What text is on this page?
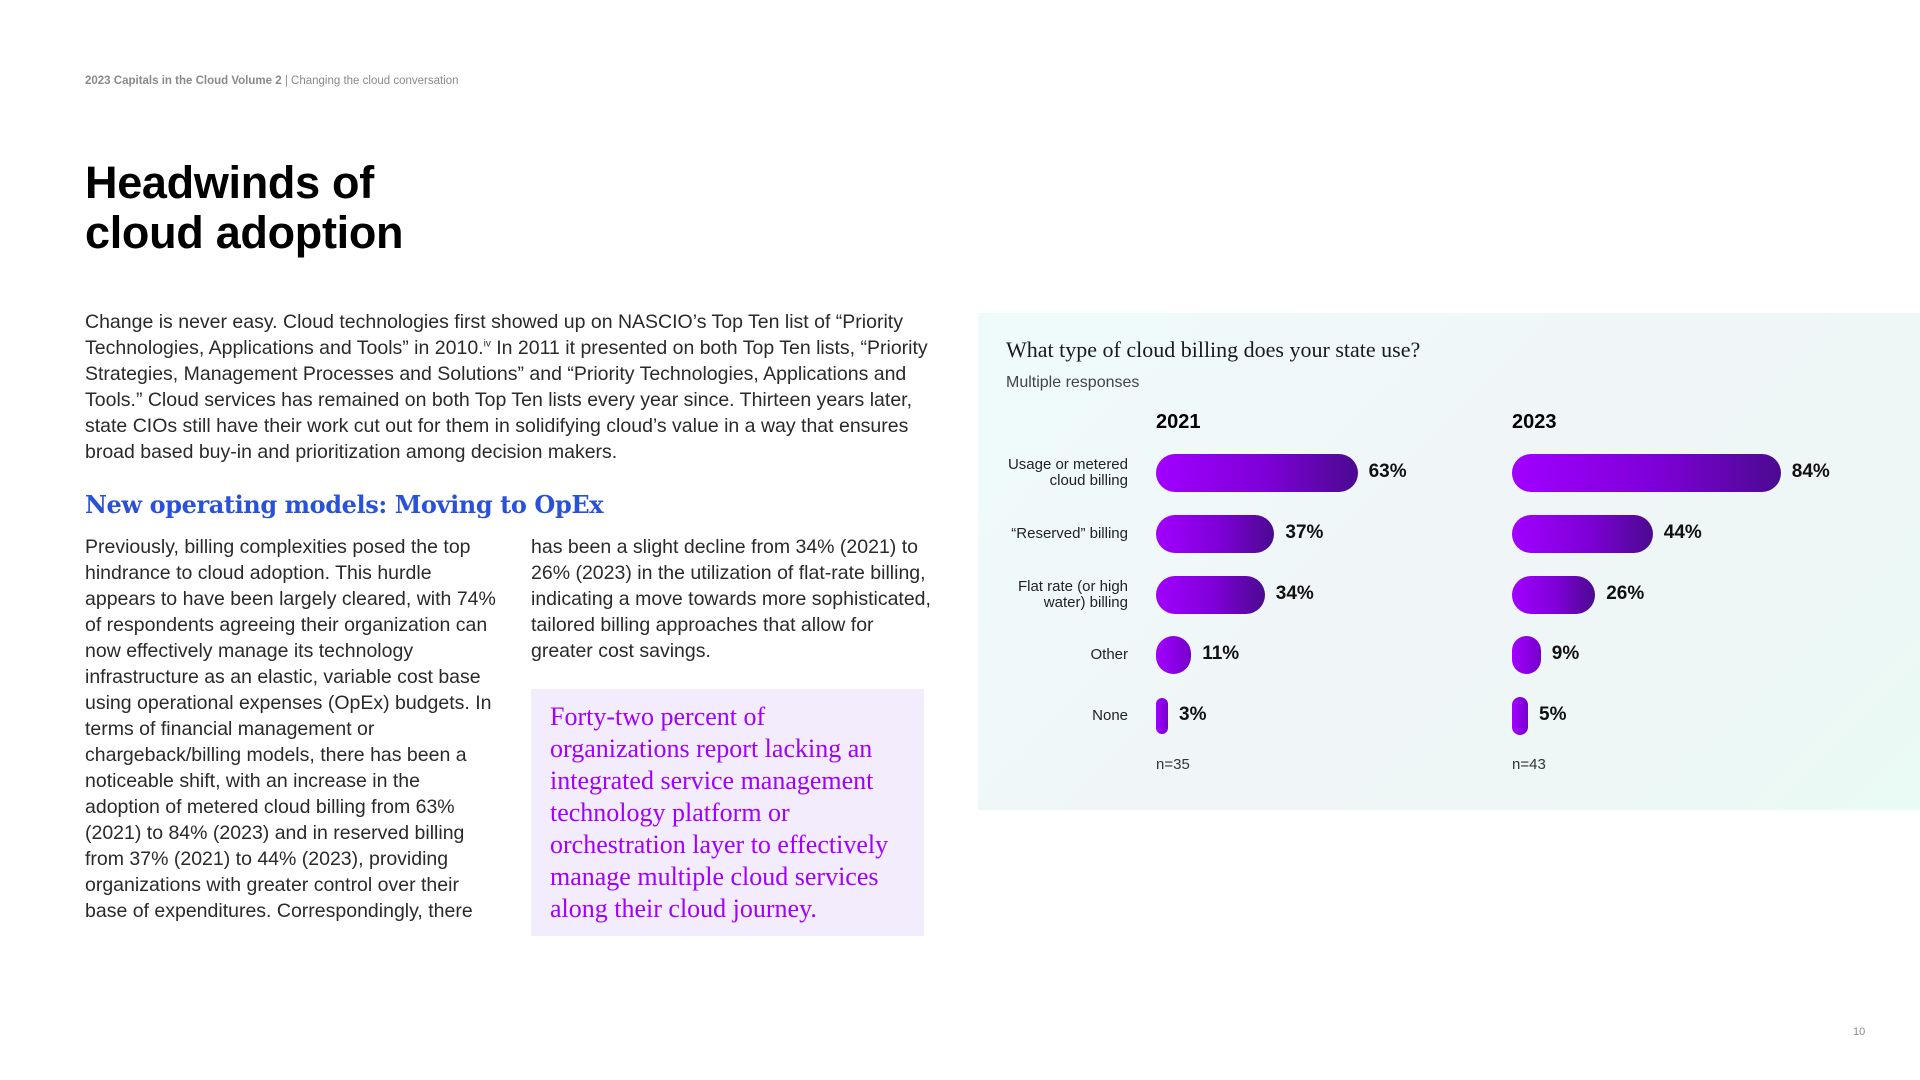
2023 Capitals in the Cloud Volume 2 | Changing the cloud conversation
Headwinds of
cloud adoption

Change is never easy. Cloud technologies first showed up on NASCIO’s Top Ten list of “Priority Technologies, Applications and Tools” in 2010.$^{iv}$ In 2011 it presented on both Top Ten lists, “Priority Strategies, Management Processes and Solutions” and “Priority Technologies, Applications and Tools.” Cloud services has remained on both Top Ten lists every year since. Thirteen years later, state CIOs still have their work cut out for them in solidifying cloud’s value in a way that ensures broad based buy-in and prioritization among decision makers.

New operating models: Moving to OpEx

Previously, billing complexities posed the top hindrance to cloud adoption. This hurdle appears to have been largely cleared, with 74% of respondents agreeing their organization can now effectively manage its technology infrastructure as an elastic, variable cost base using operational expenses (OpEx) budgets. In terms of financial management or chargeback/billing models, there has been a noticeable shift, with an increase in the adoption of metered cloud billing from 63% (2021) to 84% (2023) and in reserved billing from 37% (2021) to 44% (2023), providing organizations with greater control over their base of expenditures. Correspondingly, there

has been a slight decline from 34% (2021) to 26% (2023) in the utilization of flat-rate billing, indicating a move towards more sophisticated, tailored billing approaches that allow for greater cost savings.

Forty-two percent of organizations report lacking an integrated service management technology platform or orchestration layer to effectively manage multiple cloud services along their cloud journey.

What type of cloud billing does your state use?
Multiple responses
Usage or metered
cloud billing
“Reserved” billing
Flat rate (or high
water) billing
Other
None
2021
63%
37%
34%
11%
3%
n=35
2023
84%
44%
26%
9%
5%
n=43
10
